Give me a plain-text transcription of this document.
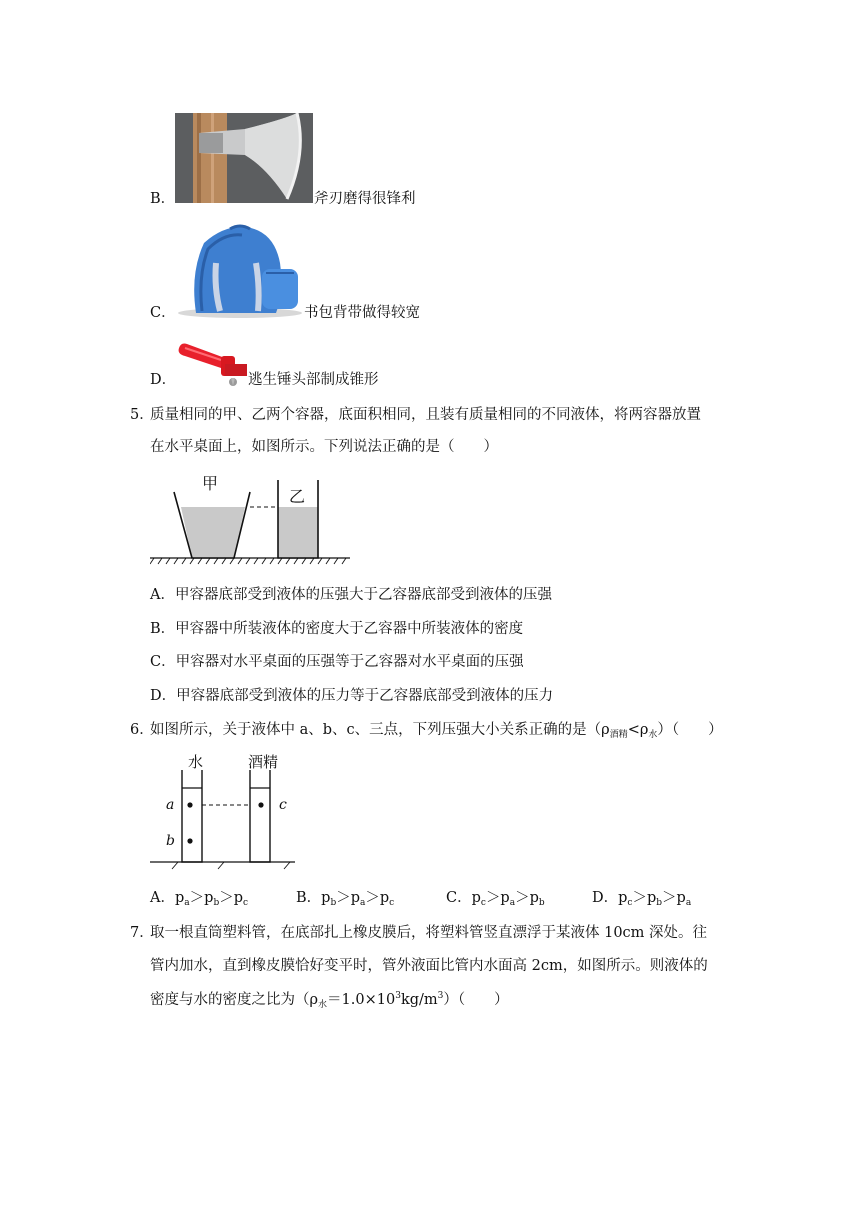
B．	斧刃磨得很锋利
C．	书包背带做得较宽
D．	逃生锤头部制成锥形
5．
质量相同的甲、乙两个容器，底面积相同，且装有质量相同的不同液体，将两容器放置
在水平桌面上，如图所示。下列说法正确的是（　　）
甲
乙
A．甲容器底部受到液体的压强大于乙容器底部受到液体的压强
B．甲容器中所装液体的密度大于乙容器中所装液体的密度
C．甲容器对水平桌面的压强等于乙容器对水平桌面的压强
D．甲容器底部受到液体的压力等于乙容器底部受到液体的压力
6．
如图所示，关于液体中 a、b、c、三点，下列压强大小关系正确的是$(\rho_{酒精}<\rho_水)$（　　）
水	酒精
a
b
c
A．$p_a>p_b>p_c$	B．$p_b>p_a>p_c$	C．$p_c>p_a>p_b$	D．$p_c>p_b>p_a$
7．
取一根直筒塑料管，在底部扎上橡皮膜后，将塑料管竖直漂浮于某液体 10cm 深处。往
管内加水，直到橡皮膜恰好变平时，管外液面比管内水面高 2cm，如图所示。则液体的
密度与水的密度之比为$(\rho_水=1.0\times 10^3kg/m^3)$（　　）
